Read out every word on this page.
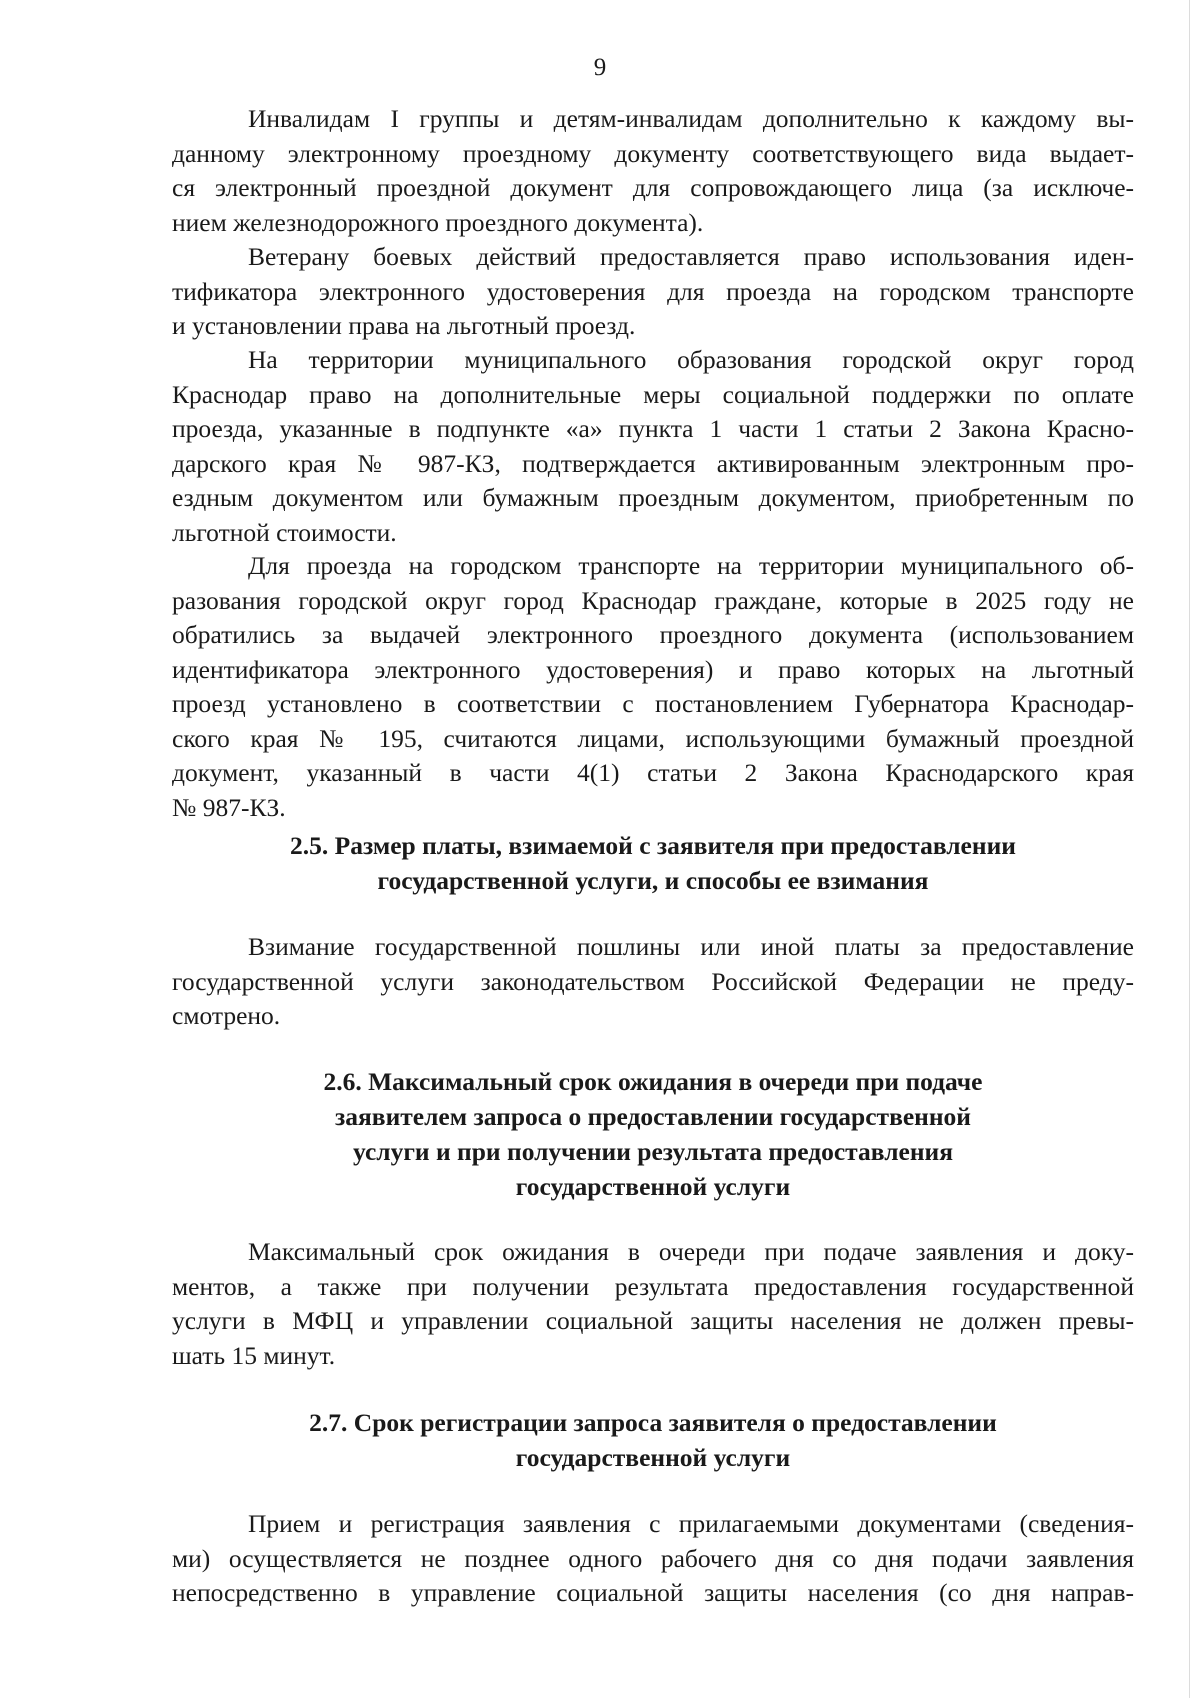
9

Инвалидам I группы и детям-инвалидам дополнительно к каждому вы-
данному электронному проездному документу соответствующего вида выдает-
ся электронный проездной документ для сопровождающего лица (за исключе-
нием железнодорожного проездного документа).
Ветерану боевых действий предоставляется право использования иден-
тификатора электронного удостоверения для проезда на городском транспорте
и установлении права на льготный проезд.
На территории муниципального образования городской округ город
Краснодар право на дополнительные меры социальной поддержки по оплате
проезда, указанные в подпункте «а» пункта 1 части 1 статьи 2 Закона Красно-
дарского края № 987-КЗ, подтверждается активированным электронным про-
ездным документом или бумажным проездным документом, приобретенным по
льготной стоимости.
Для проезда на городском транспорте на территории муниципального об-
разования городской округ город Краснодар граждане, которые в 2025 году не
обратились за выдачей электронного проездного документа (использованием
идентификатора электронного удостоверения) и право которых на льготный
проезд установлено в соответствии с постановлением Губернатора Краснодар-
ского края № 195, считаются лицами, использующими бумажный проездной
документ, указанный в части 4(1) статьи 2 Закона Краснодарского края
№ 987-КЗ.
2.5. Размер платы, взимаемой с заявителя при предоставлении
государственной услуги, и способы ее взимания
Взимание государственной пошлины или иной платы за предоставление
государственной услуги законодательством Российской Федерации не преду-
смотрено.
2.6. Максимальный срок ожидания в очереди при подаче
заявителем запроса о предоставлении государственной
услуги и при получении результата предоставления
государственной услуги
Максимальный срок ожидания в очереди при подаче заявления и доку-
ментов, а также при получении результата предоставления государственной
услуги в МФЦ и управлении социальной защиты населения не должен превы-
шать 15 минут.
2.7. Срок регистрации запроса заявителя о предоставлении
государственной услуги
Прием и регистрация заявления с прилагаемыми документами (сведения-
ми) осуществляется не позднее одного рабочего дня со дня подачи заявления
непосредственно в управление социальной защиты населения (со дня направ-
